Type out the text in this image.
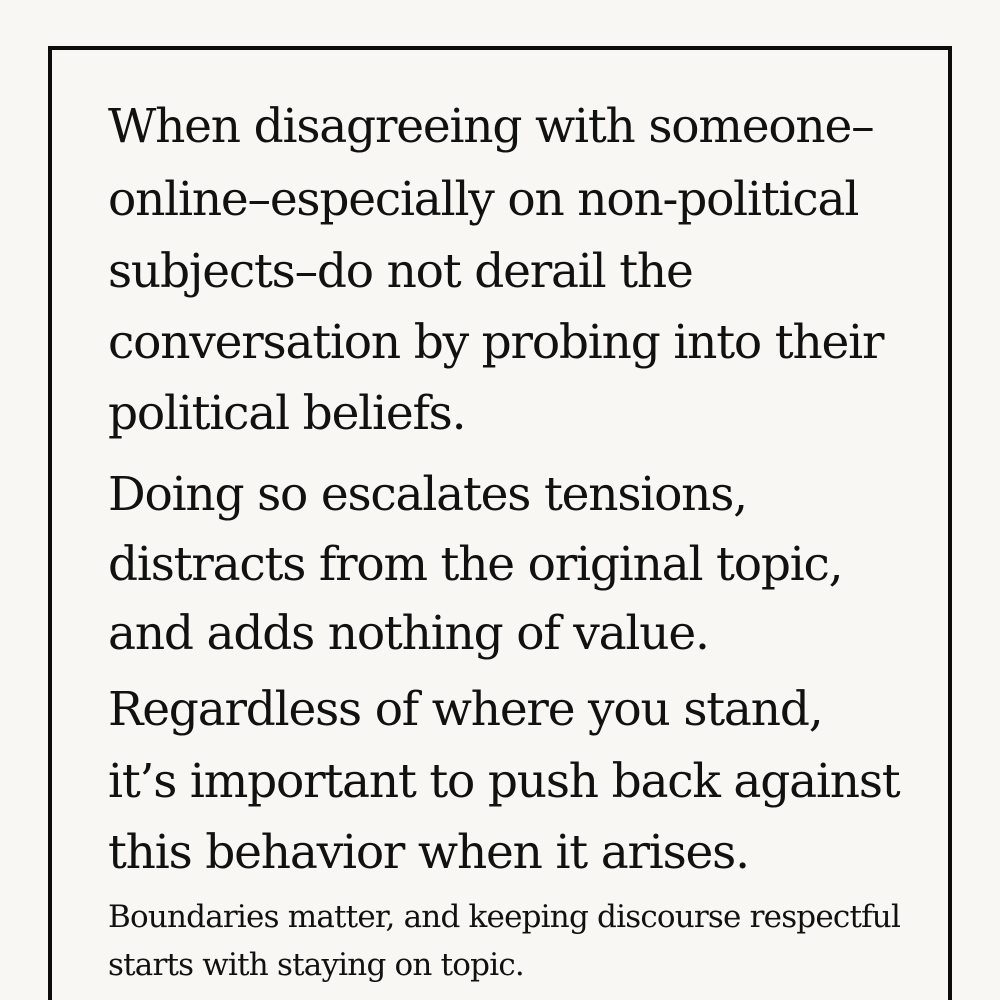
When disagreeing with someone–

online–especially on non-political

subjects–do not derail the

conversation by probing into their

political beliefs.

Doing so escalates tensions,

distracts from the original topic,

and adds nothing of value.

Regardless of where you stand,

it’s important to push back against

this behavior when it arises.

Boundaries matter, and keeping discourse respectful

starts with staying on topic.
